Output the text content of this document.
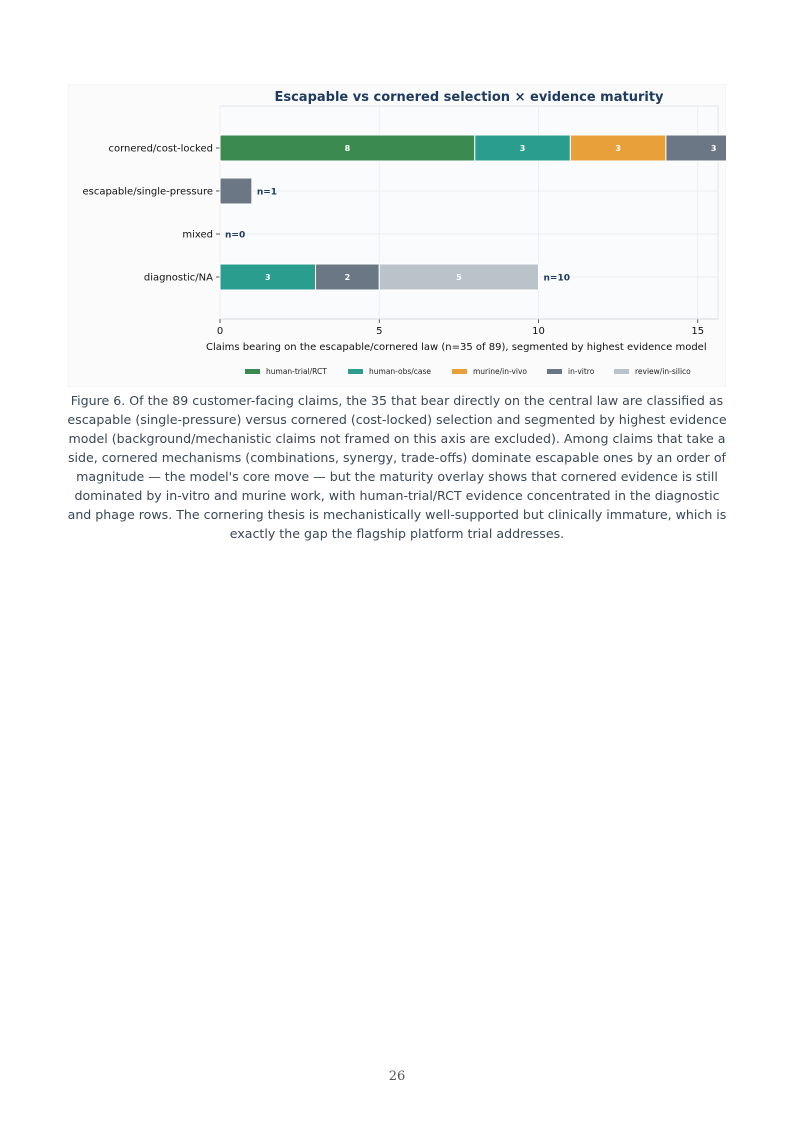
Escapable vs cornered selection × evidence maturity
0	5	10	15
cornered/cost-locked
escapable/single-pressure
mixed
diagnostic/NA
8	3	3	3
n=1
n=0
3	2	5	n=10
Claims bearing on the escapable/cornered law (n=35 of 89), segmented by highest evidence model
human-trial/RCT	human-obs/case	murine/in-vivo	in-vitro	review/in-silico

Figure 6. Of the 89 customer-facing claims, the 35 that bear directly on the central law are classified as escapable (single-pressure) versus cornered (cost-locked) selection and segmented by highest evidence model (background/mechanistic claims not framed on this axis are excluded). Among claims that take a side, cornered mechanisms (combinations, synergy, trade-offs) dominate escapable ones by an order of magnitude — the model's core move — but the maturity overlay shows that cornered evidence is still dominated by in-vitro and murine work, with human-trial/RCT evidence concentrated in the diagnostic and phage rows. The cornering thesis is mechanistically well-supported but clinically immature, which is exactly the gap the flagship platform trial addresses.

26
